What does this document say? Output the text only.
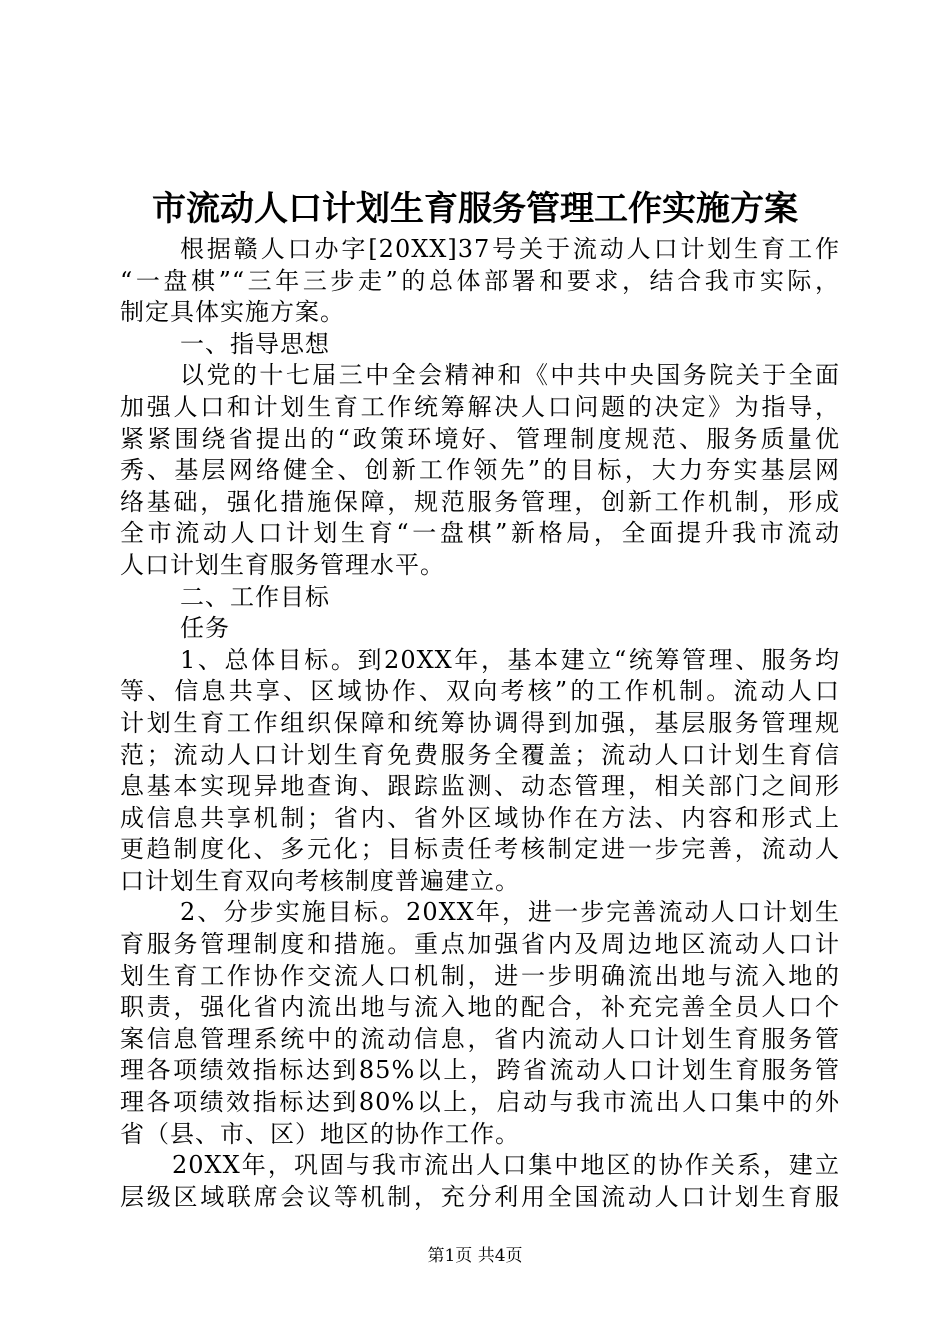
市流动人口计划生育服务管理工作实施方案
根据赣人口办字[20XX]37号关于流动人口计划生育工作
“一盘棋”“三年三步走”的总体部署和要求，结合我市实际，
制定具体实施方案。
一、指导思想
以党的十七届三中全会精神和《中共中央国务院关于全面
加强人口和计划生育工作统筹解决人口问题的决定》为指导，
紧紧围绕省提出的“政策环境好、管理制度规范、服务质量优
秀、基层网络健全、创新工作领先”的目标，大力夯实基层网
络基础，强化措施保障，规范服务管理，创新工作机制，形成
全市流动人口计划生育“一盘棋”新格局，全面提升我市流动
人口计划生育服务管理水平。
二、工作目标
任务
1、总体目标。到20XX年，基本建立“统筹管理、服务均
等、信息共享、区域协作、双向考核”的工作机制。流动人口
计划生育工作组织保障和统筹协调得到加强，基层服务管理规
范；流动人口计划生育免费服务全覆盖；流动人口计划生育信
息基本实现异地查询、跟踪监测、动态管理，相关部门之间形
成信息共享机制；省内、省外区域协作在方法、内容和形式上
更趋制度化、多元化；目标责任考核制定进一步完善，流动人
口计划生育双向考核制度普遍建立。
2、分步实施目标。20XX年，进一步完善流动人口计划生
育服务管理制度和措施。重点加强省内及周边地区流动人口计
划生育工作协作交流人口机制，进一步明确流出地与流入地的
职责，强化省内流出地与流入地的配合，补充完善全员人口个
案信息管理系统中的流动信息，省内流动人口计划生育服务管
理各项绩效指标达到85%以上，跨省流动人口计划生育服务管
理各项绩效指标达到80%以上，启动与我市流出人口集中的外
省（县、市、区）地区的协作工作。
20XX年，巩固与我市流出人口集中地区的协作关系，建立
层级区域联席会议等机制，充分利用全国流动人口计划生育服
第1页 共4页
